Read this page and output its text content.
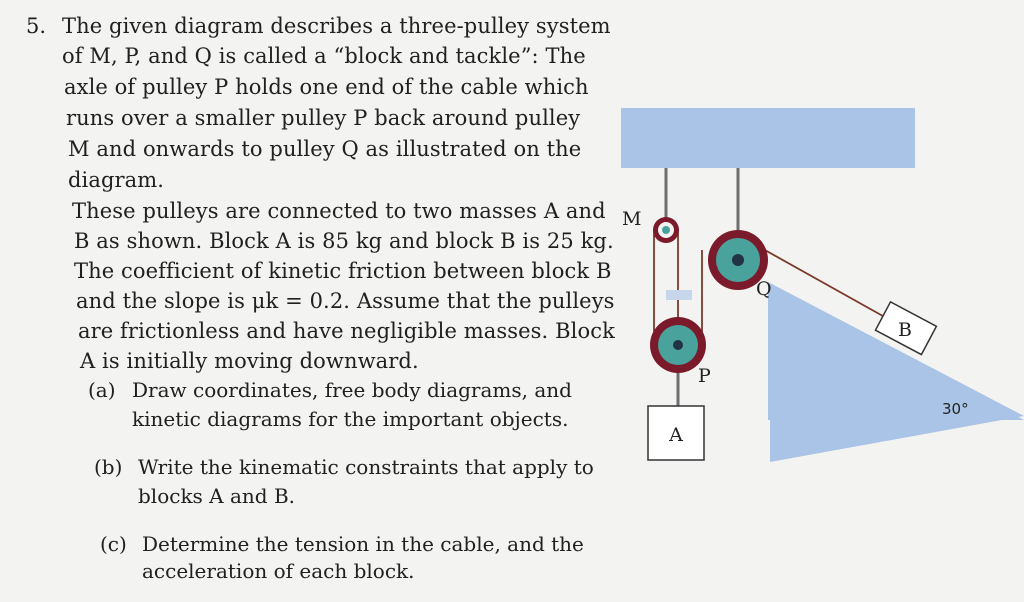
5. The given diagram describes a three-pulley system
of M, P, and Q is called a “block and tackle”: The
axle of pulley P holds one end of the cable which
runs over a smaller pulley P back around pulley
M and onwards to pulley Q as illustrated on the
diagram.
These pulleys are connected to two masses A and
B as shown. Block A is 85 kg and block B is 25 kg.
The coefficient of kinetic friction between block B
and the slope is μk = 0.2. Assume that the pulleys
are frictionless and have negligible masses. Block
A is initially moving downward.
(a) Draw coordinates, free body diagrams, and
kinetic diagrams for the important objects.
(b) Write the kinematic constraints that apply to
blocks A and B.
(c) Determine the tension in the cable, and the
acceleration of each block.
A
B
M
Q
P
30°
